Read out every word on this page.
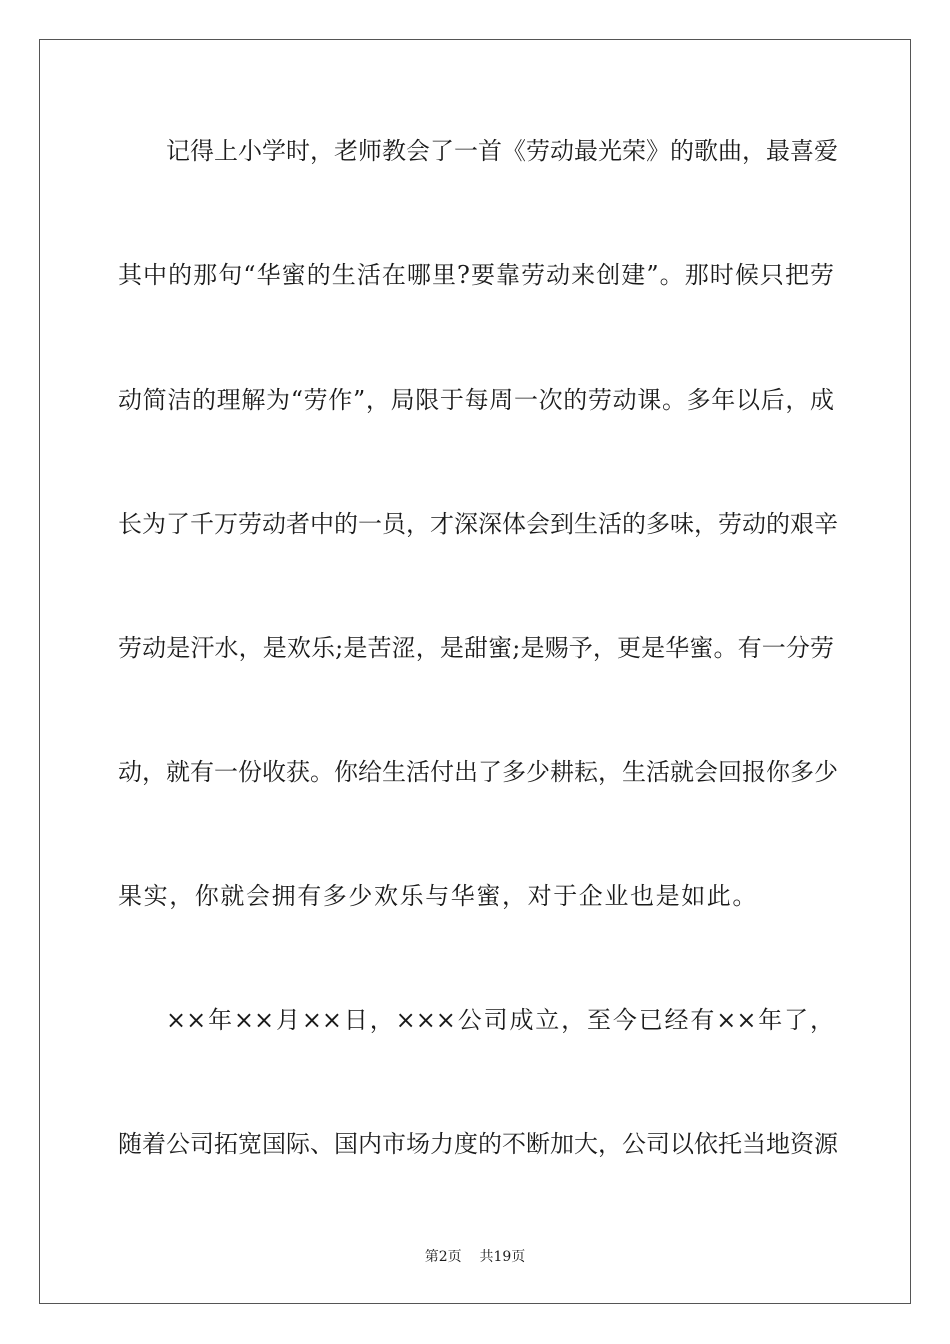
记得上小学时，老师教会了一首《劳动最光荣》的歌曲，最喜爱
其中的那句“华蜜的生活在哪里?要靠劳动来创建”。那时候只把劳
动简洁的理解为“劳作”，局限于每周一次的劳动课。多年以后，成
长为了千万劳动者中的一员，才深深体会到生活的多味，劳动的艰辛
劳动是汗水，是欢乐;是苦涩，是甜蜜;是赐予，更是华蜜。有一分劳
动，就有一份收获。你给生活付出了多少耕耘，生活就会回报你多少
果实，你就会拥有多少欢乐与华蜜，对于企业也是如此。
××年××月××日，×××公司成立，至今已经有××年了，
随着公司拓宽国际、国内市场力度的不断加大，公司以依托当地资源
第2页 共19页
